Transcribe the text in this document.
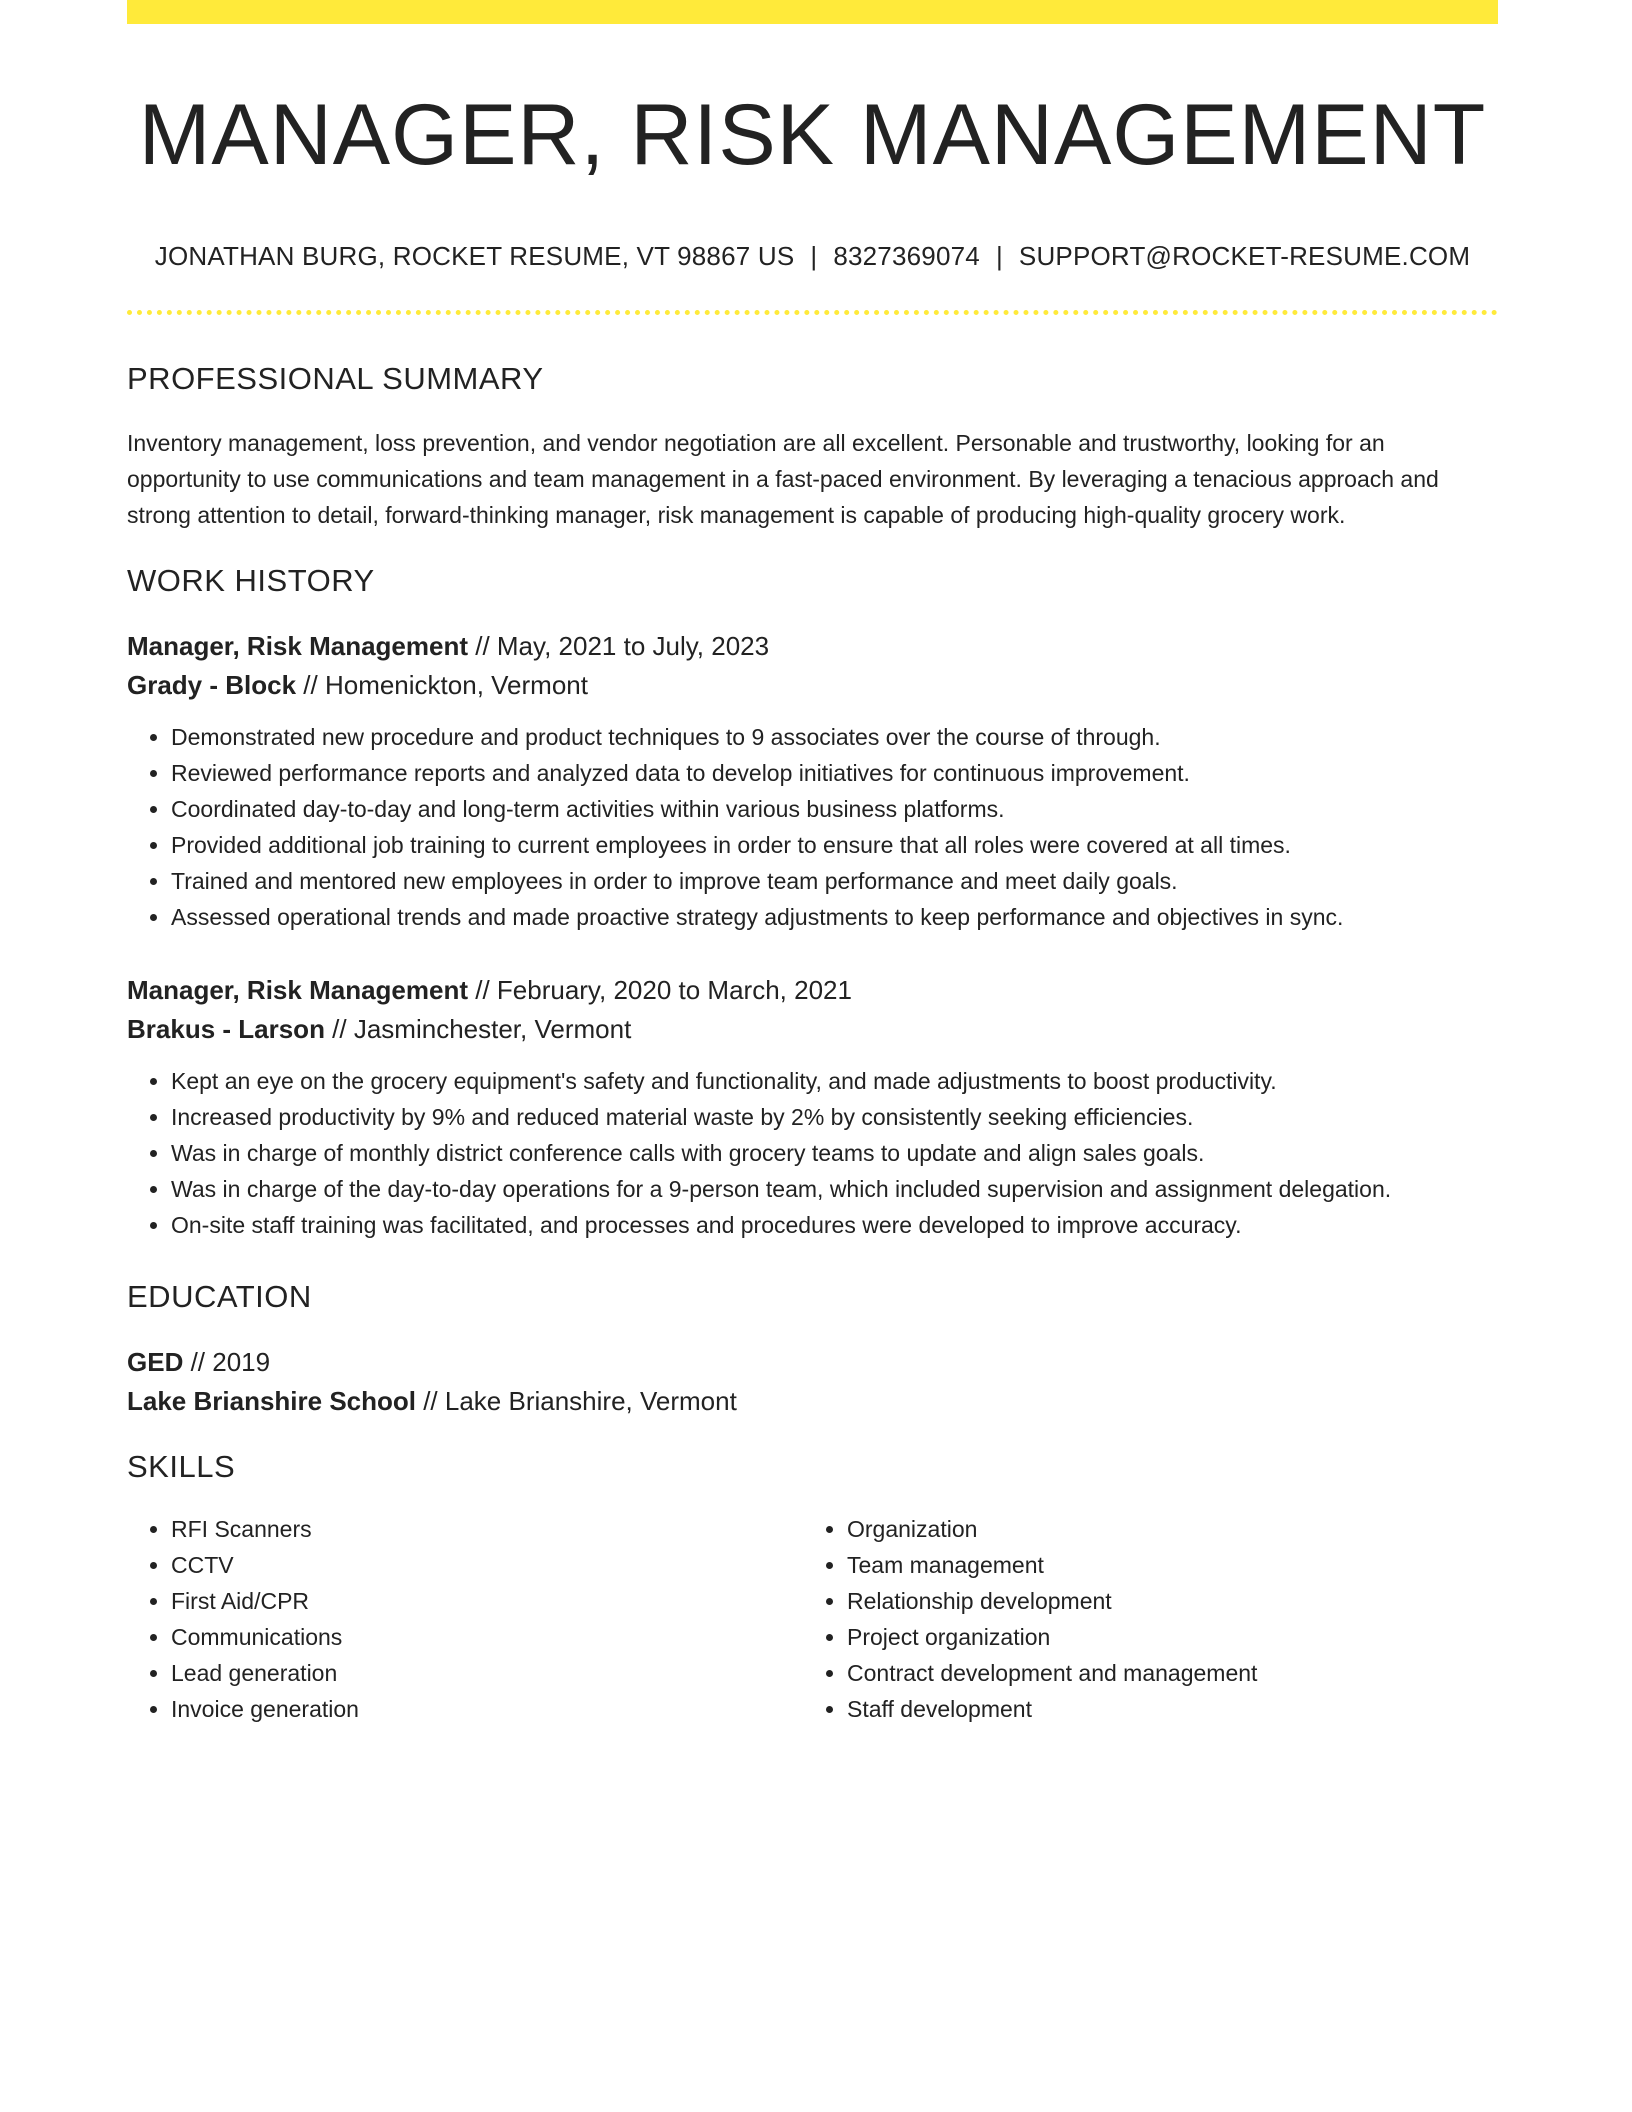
MANAGER, RISK MANAGEMENT
JONATHAN BURG, ROCKET RESUME, VT 98867 US | 8327369074 | SUPPORT@ROCKET-RESUME.COM
PROFESSIONAL SUMMARY

Inventory management, loss prevention, and vendor negotiation are all excellent. Personable and trustworthy, looking for an opportunity to use communications and team management in a fast-paced environment. By leveraging a tenacious approach and strong attention to detail, forward-thinking manager, risk management is capable of producing high-quality grocery work.

WORK HISTORY
Manager, Risk Management // May, 2021 to July, 2023
Grady - Block // Homenickton, Vermont
• Demonstrated new procedure and product techniques to 9 associates over the course of through.
• Reviewed performance reports and analyzed data to develop initiatives for continuous improvement.
• Coordinated day-to-day and long-term activities within various business platforms.
• Provided additional job training to current employees in order to ensure that all roles were covered at all times.
• Trained and mentored new employees in order to improve team performance and meet daily goals.
• Assessed operational trends and made proactive strategy adjustments to keep performance and objectives in sync.
Manager, Risk Management // February, 2020 to March, 2021
Brakus - Larson // Jasminchester, Vermont
• Kept an eye on the grocery equipment's safety and functionality, and made adjustments to boost productivity.
• Increased productivity by 9% and reduced material waste by 2% by consistently seeking efficiencies.
• Was in charge of monthly district conference calls with grocery teams to update and align sales goals.
• Was in charge of the day-to-day operations for a 9-person team, which included supervision and assignment delegation.
• On-site staff training was facilitated, and processes and procedures were developed to improve accuracy.
EDUCATION
GED // 2019
Lake Brianshire School // Lake Brianshire, Vermont
SKILLS
• RFI Scanners
• CCTV
• First Aid/CPR
• Communications
• Lead generation
• Invoice generation
• Organization
• Team management
• Relationship development
• Project organization
• Contract development and management
• Staff development
